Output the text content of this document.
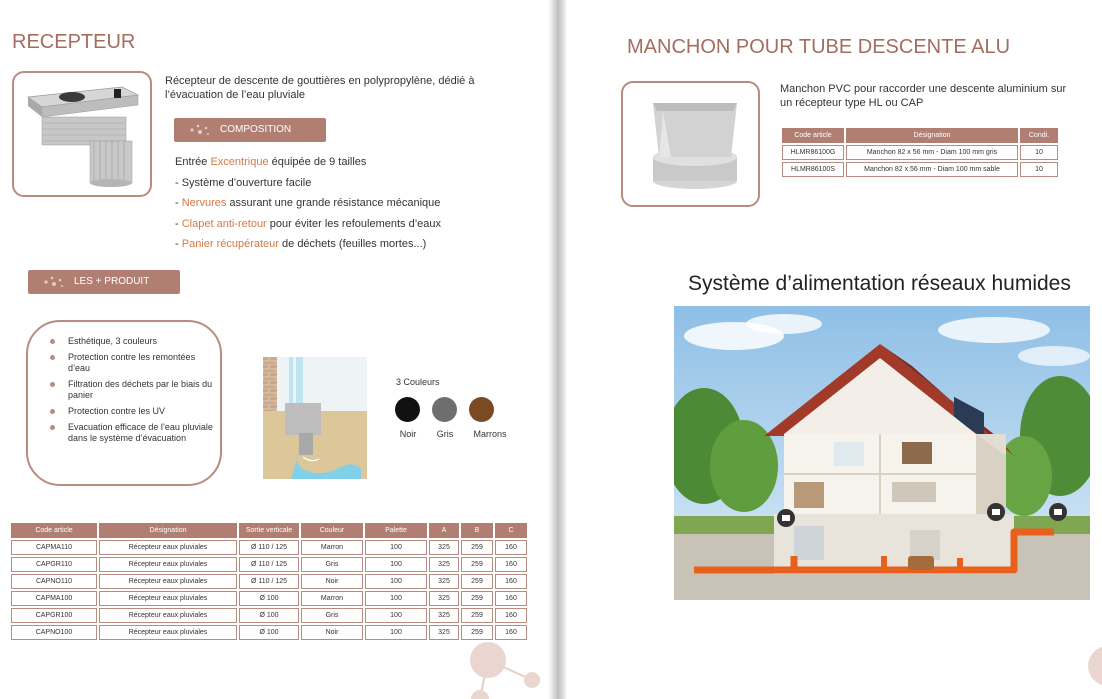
RECEPTEUR

Récepteur de descente de gouttières en polypropylène, dédié à l’évacuation de l’eau pluviale

COMPOSITION
Entrée Excentrique équipée de 9 tailles
- Système d’ouverture facile
- Nervures assurant une grande résistance mécanique
- Clapet anti-retour pour éviter les refoulements d’eaux
- Panier récupérateur de déchets (feuilles mortes...)
LES + PRODUIT
Esthétique, 3 couleurs
Protection contre les remontées d’eau
Filtration des déchets par le biais du panier
Protection contre les UV
Evacuation efficace de l’eau pluviale dans le système d’évacuation
3 Couleurs
Noir	Gris	Marrons
Code article	Désignation	Sortie verticale	Couleur	Palette	A	B	C
CAPMA110	Récepteur eaux pluviales	Ø 110 / 125	Marron	100	325	259	160
CAPGR110	Récepteur eaux pluviales	Ø 110 / 125	Gris	100	325	259	160
CAPNO110	Récepteur eaux pluviales	Ø 110 / 125	Noir	100	325	259	160
CAPMA100	Récepteur eaux pluviales	Ø 100	Marron	100	325	259	160
CAPGR100	Récepteur eaux pluviales	Ø 100	Gris	100	325	259	160
CAPNO100	Récepteur eaux pluviales	Ø 100	Noir	100	325	259	160
MANCHON POUR TUBE DESCENTE ALU

Manchon PVC pour raccorder une descente aluminium sur un récepteur type HL ou CAP

Code article	Désignation	Condi.
HLMR86100G	Manchon 82 x 56 mm - Diam 100 mm gris	10
HLMR86100S	Manchon 82 x 56 mm - Diam 100 mm sable	10
Système d’alimentation réseaux humides
